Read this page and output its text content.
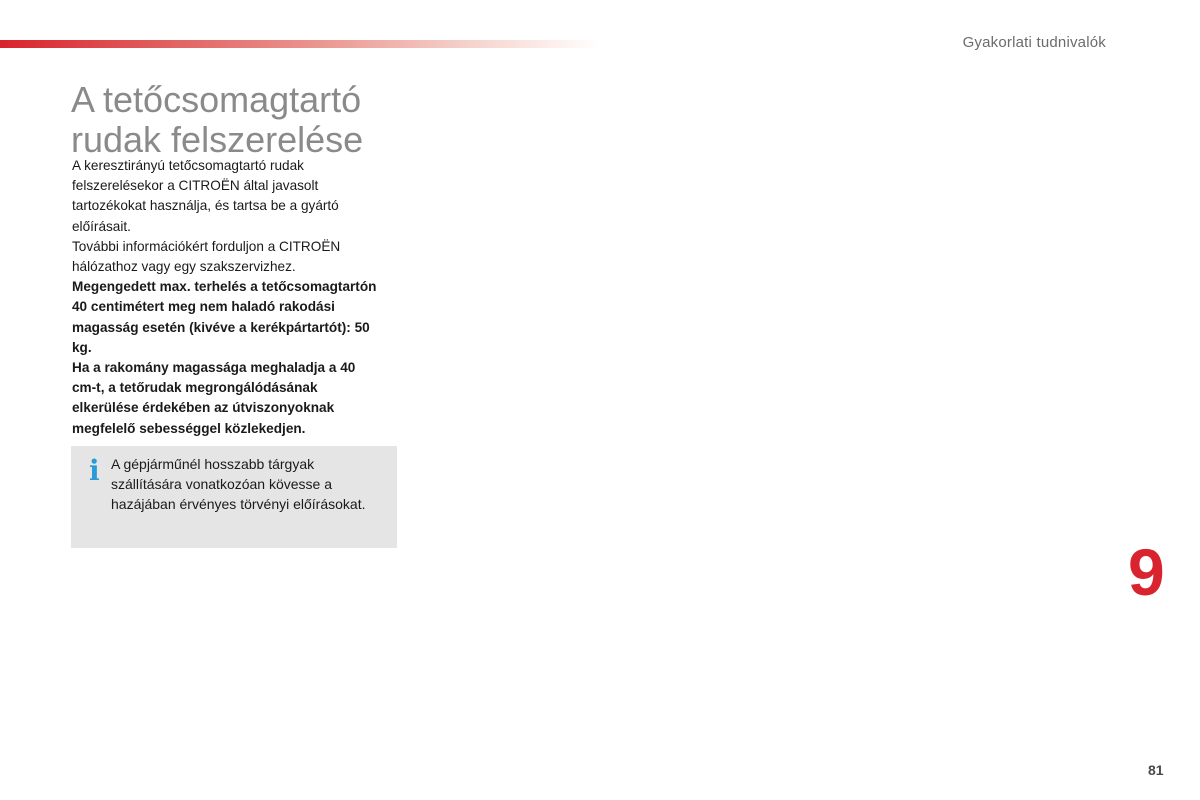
Gyakorlati tudnivalók
A tetőcsomagtartó rudak felszerelése

A keresztirányú tetőcsomagtartó rudak felszerelésekor a CITROËN által javasolt tartozékokat használja, és tartsa be a gyártó előírásait.

További információkért forduljon a CITROËN hálózathoz vagy egy szakszervizhez.

Megengedett max. terhelés a tetőcsomagtartón 40 centimétert meg nem haladó rakodási magasság esetén (kivéve a kerékpártartót): 50 kg.

Ha a rakomány magassága meghaladja a 40 cm-t, a tetőrudak megrongálódásának elkerülése érdekében az útviszonyoknak megfelelő sebességgel közlekedjen.

i A gépjárműnél hosszabb tárgyak szállítására vonatkozóan kövesse a hazájában érvényes törvényi előírásokat.
9
81
